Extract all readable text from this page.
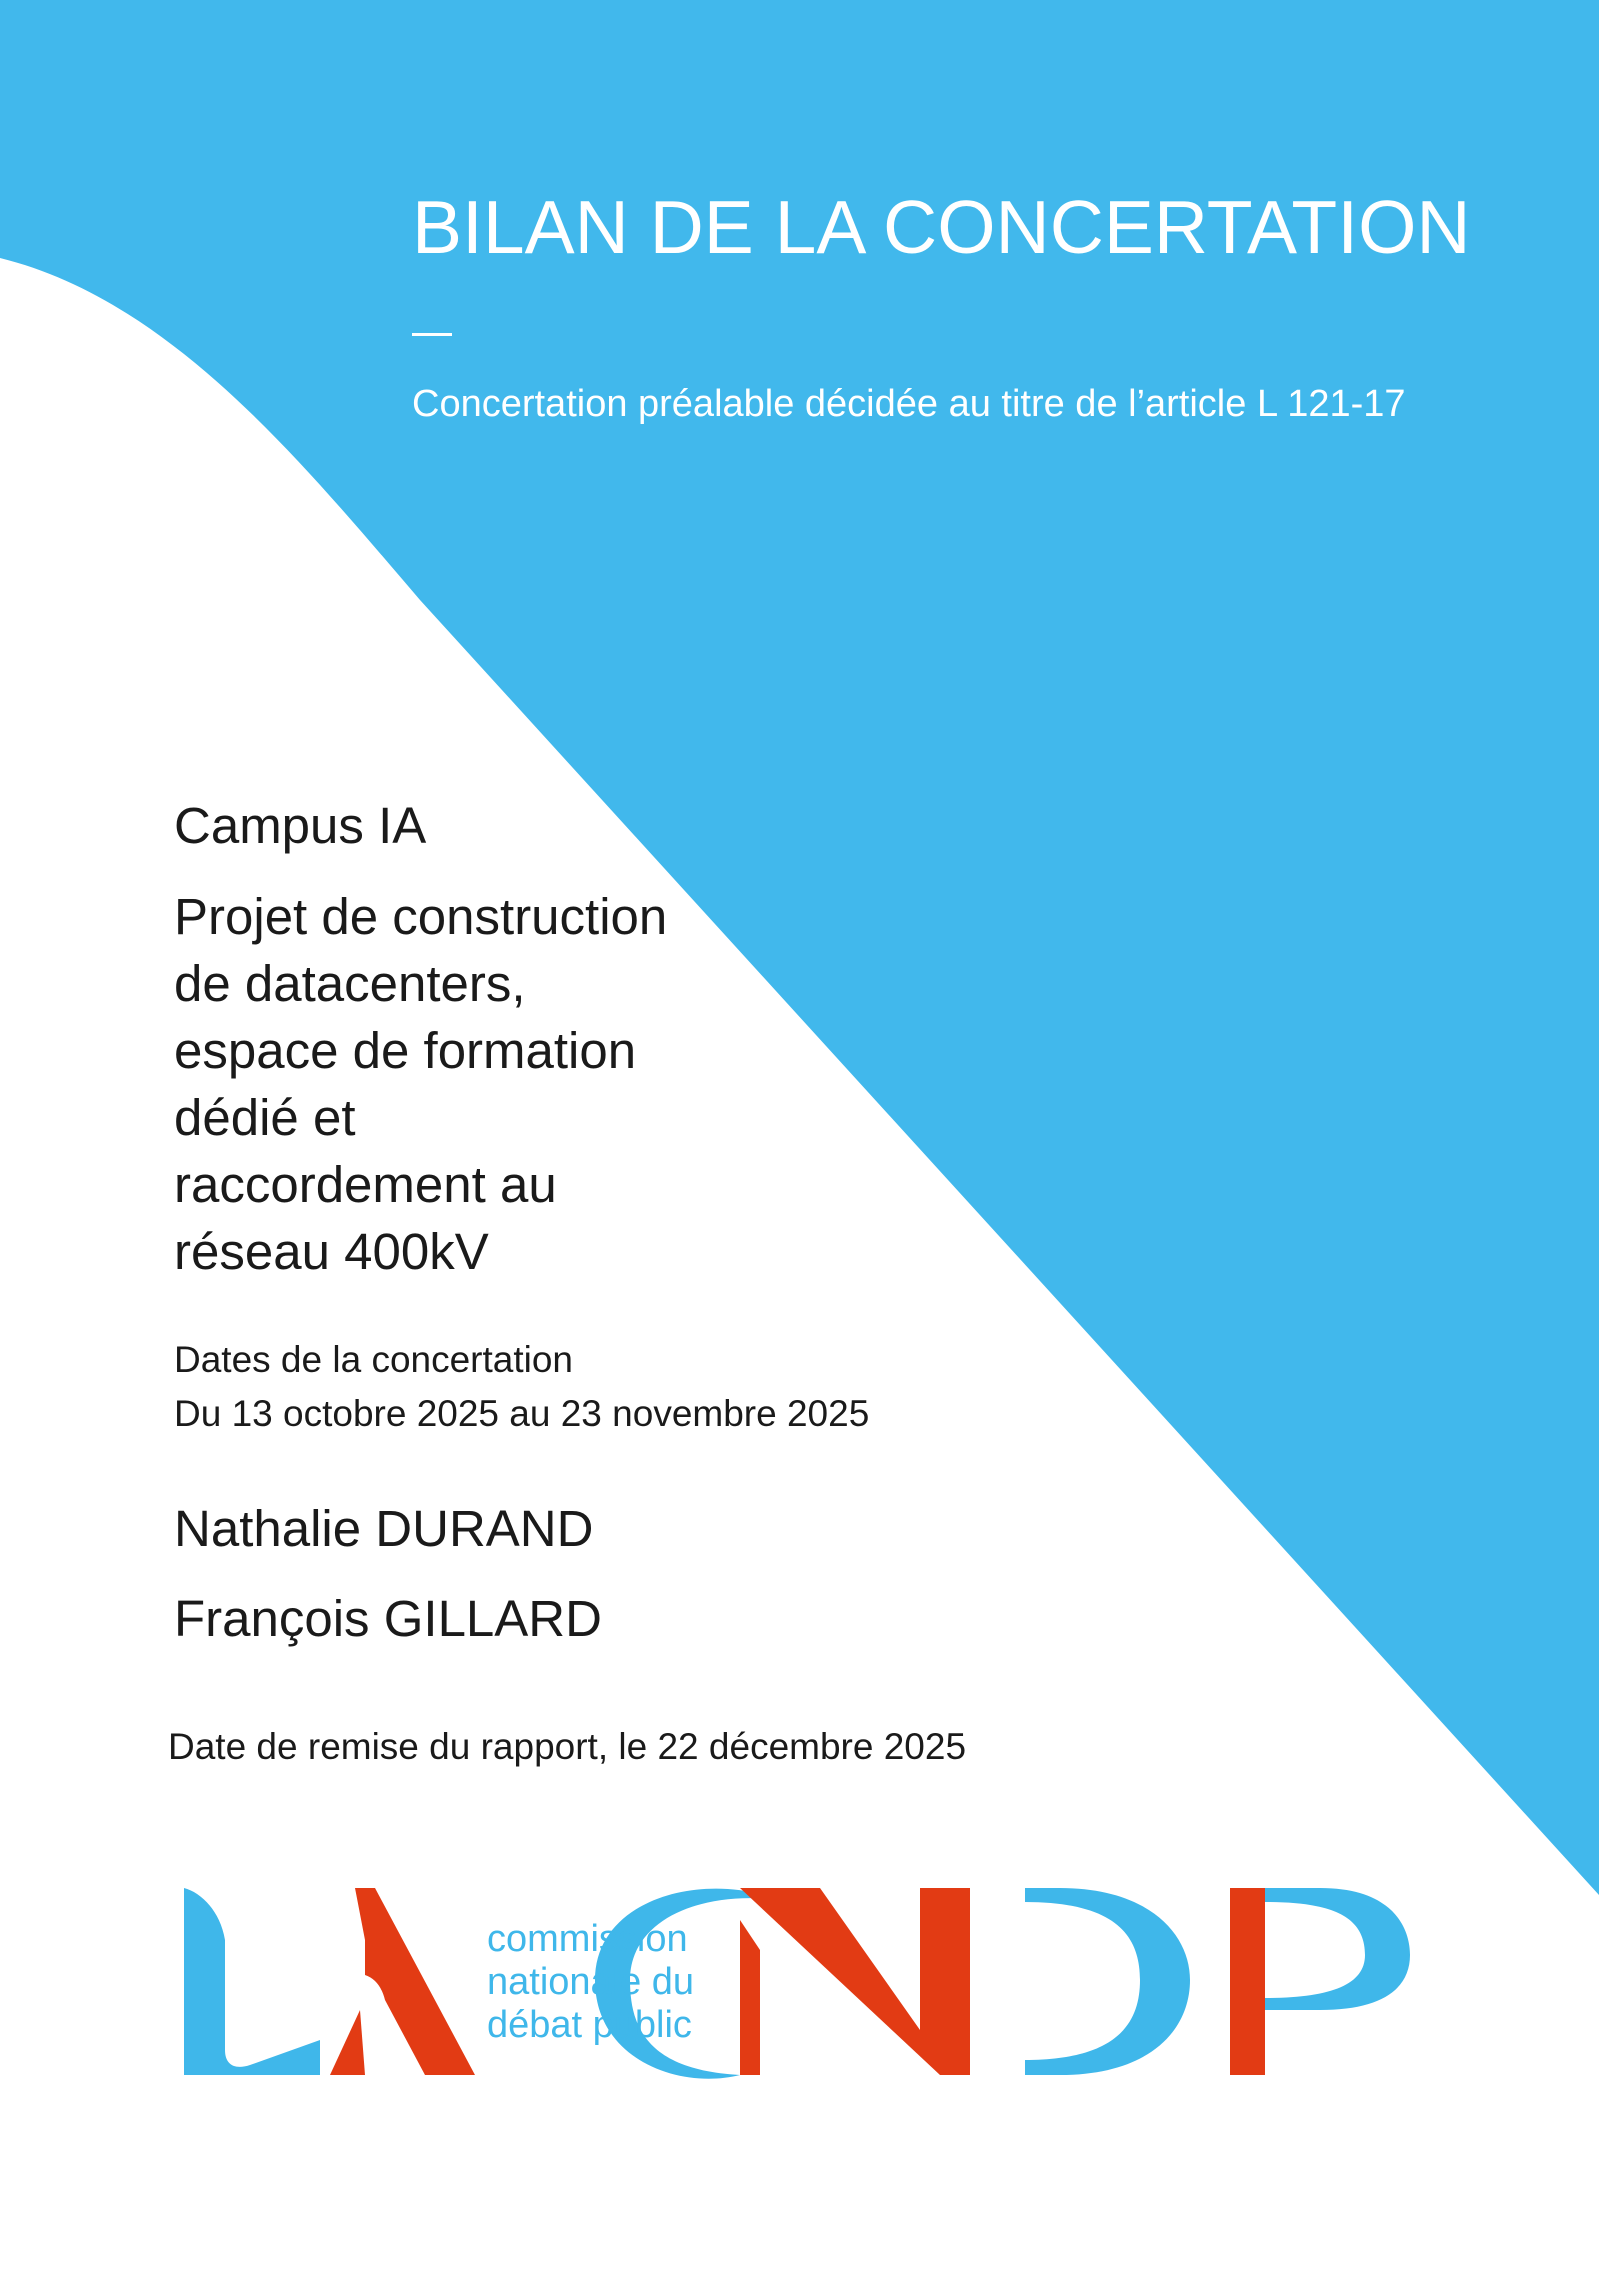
BILAN DE LA CONCERTATION
Concertation préalable décidée au titre de l’article L 121-17
Campus IA
Projet de construction
de datacenters,
espace de formation
dédié et
raccordement au
réseau 400kV
Dates de la concertation
Du 13 octobre 2025 au 23 novembre 2025
Nathalie DURAND
François GILLARD
Date de remise du rapport, le 22 décembre 2025
commission
nationale du
débat public
